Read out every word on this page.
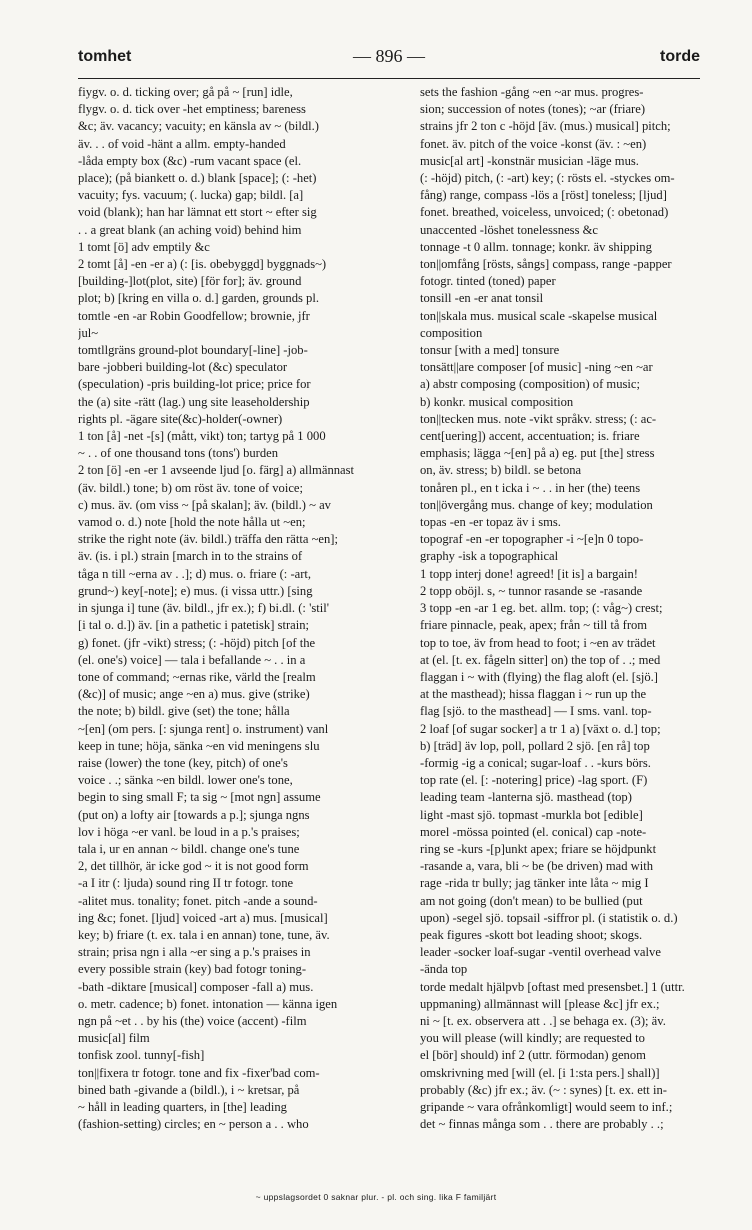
tomhet	— 896 —	torde
fiygv. o. d. ticking over; gå på ~ [run] idle,
flygv. o. d. tick over -het emptiness; bareness
&c; äv. vacancy; vacuity; en känsla av ~ (bildl.)
äv. . . of void -hänt a allm. empty-handed
-låda empty box (&c) -rum vacant space (el.
place); (på biankett o. d.) blank [space]; (: -het)
vacuity; fys. vacuum; (. lucka) gap; bildl. [a]
void (blank); han har lämnat ett stort ~ efter sig
. . a great blank (an aching void) behind him
1 tomt [ö] adv emptily &c
2 tomt [å] -en -er a) (: [is. obebyggd] byggnads~)
[building-]lot(plot, site) [för for]; äv. ground
plot; b) [kring en villa o. d.] garden, grounds pl.
tomtle -en -ar Robin Goodfellow; brownie, jfr
jul~
tomtllgräns ground-plot boundary[-line] -job-
bare -jobberi building-lot (&c) speculator
(speculation) -pris building-lot price; price for
the (a) site -rätt (lag.) ung site leaseholdership
rights pl. -ägare site(&c)-holder(-owner)
1 ton [å] -net -[s] (mått, vikt) ton; tartyg på 1 000
~ . . of one thousand tons (tons') burden
2 ton [ö] -en -er 1 avseende ljud [o. färg] a) allmännast
(äv. bildl.) tone; b) om röst äv. tone of voice;
c) mus. äv. (om viss ~ [på skalan]; äv. (bildl.) ~ av
vamod o. d.) note [hold the note hålla ut ~en;
strike the right note (äv. bildl.) träffa den rätta ~en];
äv. (is. i pl.) strain [march in to the strains of
tåga n till ~erna av . .]; d) mus. o. friare (: -art,
grund~) key[-note]; e) mus. (i vissa uttr.) [sing
in sjunga i] tune (äv. bildl., jfr ex.); f) bi.dl. (: 'stil'
[i tal o. d.]) äv. [in a pathetic i patetisk] strain;
g) fonet. (jfr -vikt) stress; (: -höjd) pitch [of the
(el. one's) voice] — tala i befallande ~ . . in a
tone of command; ~ernas rike, värld the [realm
(&c)] of music; ange ~en a) mus. give (strike)
the note; b) bildl. give (set) the tone; hålla
~[en] (om pers. [: sjunga rent] o. instrument) vanl
keep in tune; höja, sänka ~en vid meningens slu
raise (lower) the tone (key, pitch) of one's
voice . .; sänka ~en bildl. lower one's tone,
begin to sing small F; ta sig ~ [mot ngn] assume
(put on) a lofty air [towards a p.]; sjunga ngns
lov i höga ~er vanl. be loud in a p.'s praises;
tala i, ur en annan ~ bildl. change one's tune
2, det tillhör, är icke god ~ it is not good form
-a I itr (: ljuda) sound ring II tr fotogr. tone
-alitet mus. tonality; fonet. pitch -ande a sound-
ing &c; fonet. [ljud] voiced -art a) mus. [musical]
key; b) friare (t. ex. tala i en annan) tone, tune, äv.
strain; prisa ngn i alla ~er sing a p.'s praises in
every possible strain (key) bad fotogr toning-
-bath -diktare [musical] composer -fall a) mus.
o. metr. cadence; b) fonet. intonation — känna igen
ngn på ~et . . by his (the) voice (accent) -film
music[al] film
tonfisk zool. tunny[-fish]
ton||fixera tr fotogr. tone and fix -fixer'bad com-
bined bath -givande a (bildl.), i ~ kretsar, på
~ håll in leading quarters, in [the] leading
(fashion-setting) circles; en ~ person a . . who
sets the fashion -gång ~en ~ar mus. progres-
sion; succession of notes (tones); ~ar (friare)
strains jfr 2 ton c -höjd [äv. (mus.) musical] pitch;
fonet. äv. pitch of the voice -konst (äv. : ~en)
music[al art] -konstnär musician -läge mus.
(: -höjd) pitch, (: -art) key; (: rösts el. -styckes om-
fång) range, compass -lös a [röst] toneless; [ljud]
fonet. breathed, voiceless, unvoiced; (: obetonad)
unaccented -löshet tonelessness &c
tonnage -t 0 allm. tonnage; konkr. äv shipping
ton||omfång [rösts, sångs] compass, range -papper
fotogr. tinted (toned) paper
tonsill -en -er anat tonsil
ton||skala mus. musical scale -skapelse musical
composition
tonsur [with a med] tonsure
tonsätt||are composer [of music] -ning ~en ~ar
a) abstr composing (composition) of music;
b) konkr. musical composition
ton||tecken mus. note -vikt språkv. stress; (: ac-
cent[uering]) accent, accentuation; is. friare
emphasis; lägga ~[en] på a) eg. put [the] stress
on, äv. stress; b) bildl. se betona
tonåren pl., en t icka i ~ . . in her (the) teens
ton||övergång mus. change of key; modulation
topas -en -er topaz äv i sms.
topograf -en -er topographer -i ~[e]n 0 topo-
graphy -isk a topographical
1 topp interj done! agreed! [it is] a bargain!
2 topp oböjl. s, ~ tunnor rasande se -rasande
3 topp -en -ar 1 eg. bet. allm. top; (: våg~) crest;
friare pinnacle, peak, apex; från ~ till tå from
top to toe, äv from head to foot; i ~en av trädet
at (el. [t. ex. fågeln sitter] on) the top of . .; med
flaggan i ~ with (flying) the flag aloft (el. [sjö.]
at the masthead); hissa flaggan i ~ run up the
flag [sjö. to the masthead] — I sms. vanl. top-
2 loaf [of sugar socker] a tr 1 a) [växt o. d.] top;
b) [träd] äv lop, poll, pollard 2 sjö. [en rå] top
-formig -ig a conical; sugar-loaf . . -kurs börs.
top rate (el. [: -notering] price) -lag sport. (F)
leading team -lanterna sjö. masthead (top)
light -mast sjö. topmast -murkla bot [edible]
morel -mössa pointed (el. conical) cap -note-
ring se -kurs -[p]unkt apex; friare se höjdpunkt
-rasande a, vara, bli ~ be (be driven) mad with
rage -rida tr bully; jag tänker inte låta ~ mig I
am not going (don't mean) to be bullied (put
upon) -segel sjö. topsail -siffror pl. (i statistik o. d.)
peak figures -skott bot leading shoot; skogs.
leader -socker loaf-sugar -ventil overhead valve
-ända top
torde medalt hjälpvb [oftast med presensbet.] 1 (uttr.
uppmaning) allmännast will [please &c] jfr ex.;
ni ~ [t. ex. observera att . .] se behaga ex. (3); äv.
you will please (will kindly; are requested to
el [bör] should) inf 2 (uttr. förmodan) genom
omskrivning med [will (el. [i 1:sta pers.] shall)]
probably (&c) jfr ex.; äv. (~ : synes) [t. ex. ett in-
gripande ~ vara ofrånkomligt] would seem to inf.;
det ~ finnas många som . . there are probably . .;
~ uppslagsordet 0 saknar plur. - pl. och sing. lika F familjärt
